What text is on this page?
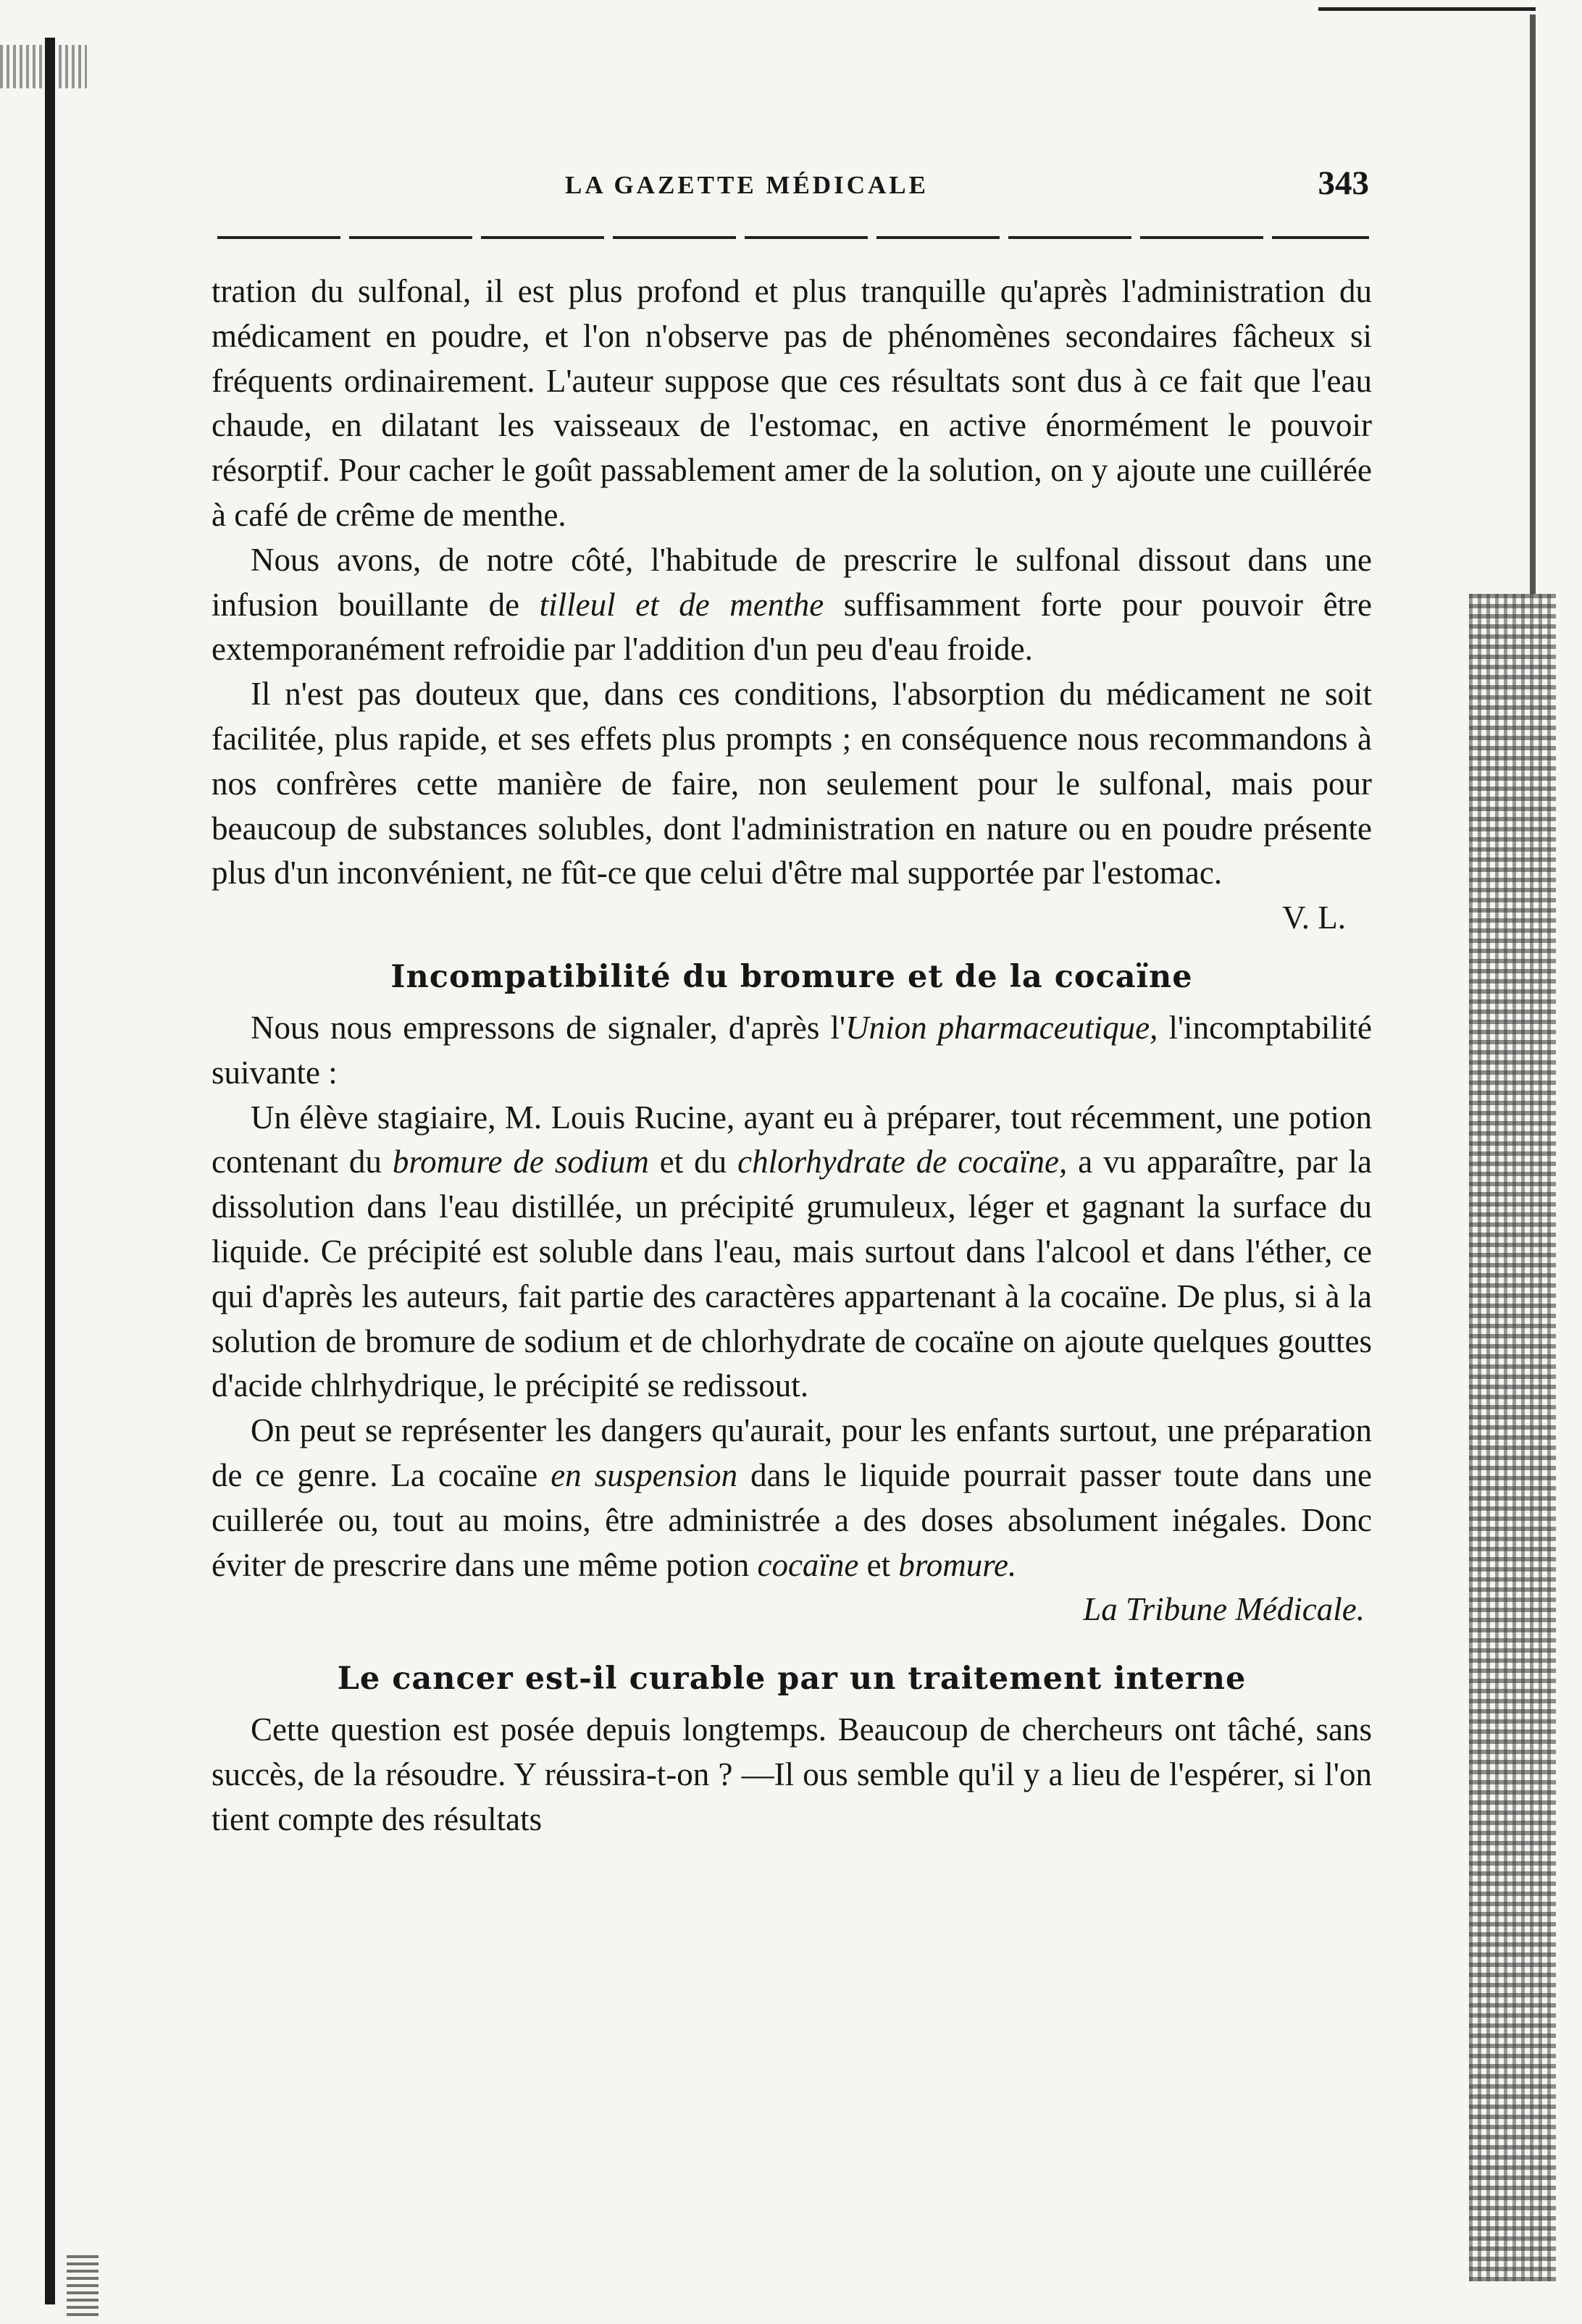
LA GAZETTE MÉDICALE	343

tration du sulfonal, il est plus profond et plus tranquille qu'après l'administration du médicament en poudre, et l'on n'observe pas de phénomènes secondaires fâcheux si fréquents ordinairement. L'auteur suppose que ces résultats sont dus à ce fait que l'eau chaude, en dilatant les vaisseaux de l'estomac, en active énormément le pouvoir résorptif. Pour cacher le goût passablement amer de la solution, on y ajoute une cuillérée à café de crême de menthe.

Nous avons, de notre côté, l'habitude de prescrire le sulfonal dissout dans une infusion bouillante de tilleul et de menthe suffisamment forte pour pouvoir être extemporanément refroidie par l'addition d'un peu d'eau froide.

Il n'est pas douteux que, dans ces conditions, l'absorption du médicament ne soit facilitée, plus rapide, et ses effets plus prompts ; en conséquence nous recommandons à nos confrères cette manière de faire, non seulement pour le sulfonal, mais pour beaucoup de substances solubles, dont l'administration en nature ou en poudre présente plus d'un inconvénient, ne fût-ce que celui d'être mal supportée par l'estomac.

V. L.

Incompatibilité du bromure et de la cocaïne

Nous nous empressons de signaler, d'après l'Union pharmaceutique, l'incomptabilité suivante :

Un élève stagiaire, M. Louis Rucine, ayant eu à préparer, tout récemment, une potion contenant du bromure de sodium et du chlorhydrate de cocaïne, a vu apparaître, par la dissolution dans l'eau distillée, un précipité grumuleux, léger et gagnant la surface du liquide. Ce précipité est soluble dans l'eau, mais surtout dans l'alcool et dans l'éther, ce qui d'après les auteurs, fait partie des caractères appartenant à la cocaïne. De plus, si à la solution de bromure de sodium et de chlorhydrate de cocaïne on ajoute quelques gouttes d'acide chlrhydrique, le précipité se redissout.

On peut se représenter les dangers qu'aurait, pour les enfants surtout, une préparation de ce genre. La cocaïne en suspension dans le liquide pourrait passer toute dans une cuillerée ou, tout au moins, être administrée a des doses absolument inégales. Donc éviter de prescrire dans une même potion cocaïne et bromure.

La Tribune Médicale.

Le cancer est-il curable par un traitement interne

Cette question est posée depuis longtemps. Beaucoup de chercheurs ont tâché, sans succès, de la résoudre. Y réussira-t-on ? —Il ous semble qu'il y a lieu de l'espérer, si l'on tient compte des résultats
